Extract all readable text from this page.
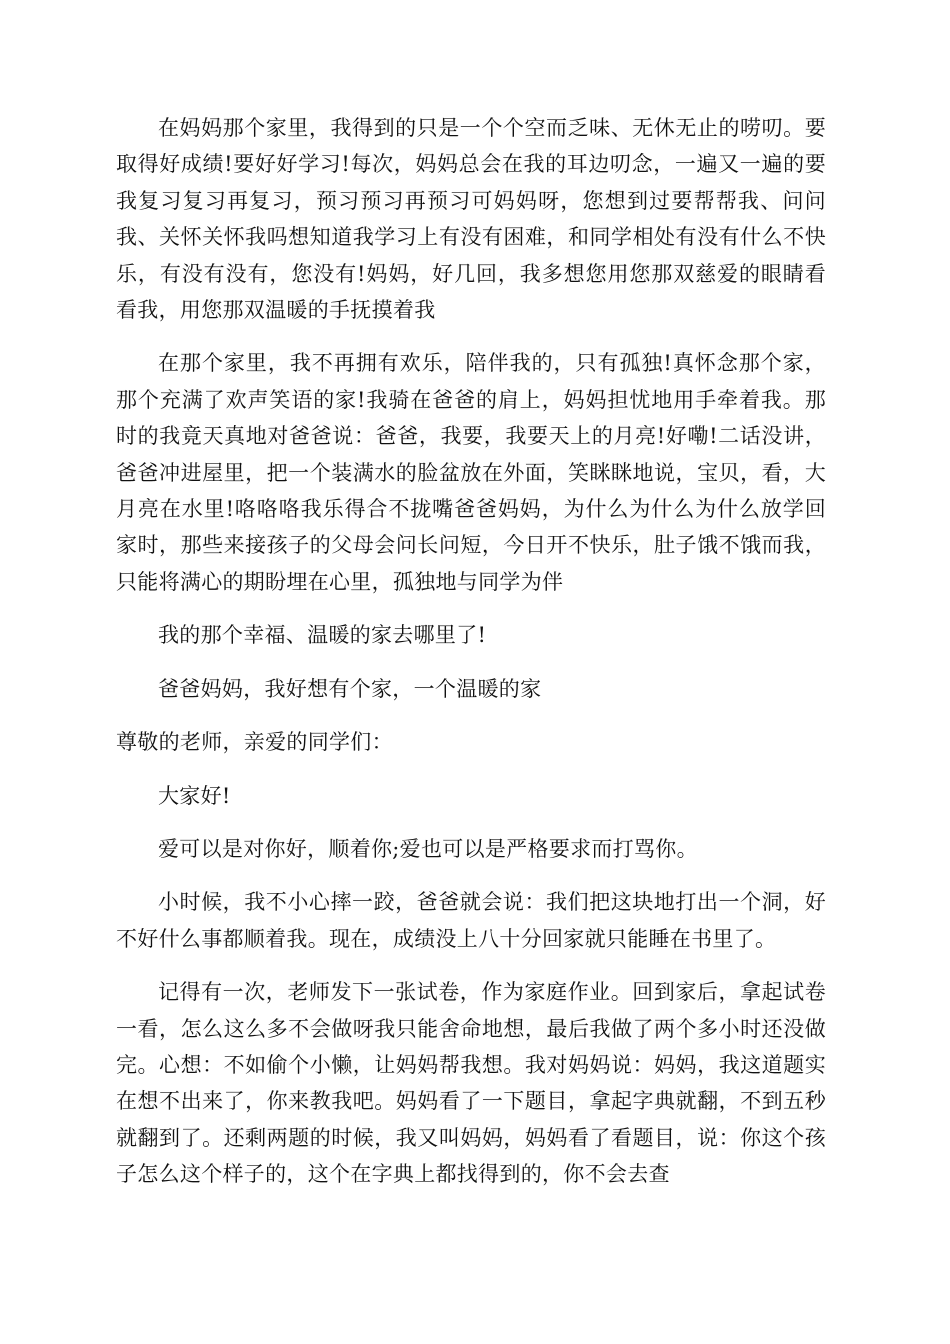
在妈妈那个家里，我得到的只是一个个空而乏味、无休无止的唠叨。要取得好成绩!要好好学习!每次，妈妈总会在我的耳边叨念，一遍又一遍的要我复习复习再复习，预习预习再预习可妈妈呀，您想到过要帮帮我、问问我、关怀关怀我吗想知道我学习上有没有困难，和同学相处有没有什么不快乐，有没有没有，您没有!妈妈，好几回，我多想您用您那双慈爱的眼睛看看我，用您那双温暖的手抚摸着我

在那个家里，我不再拥有欢乐，陪伴我的，只有孤独!真怀念那个家，那个充满了欢声笑语的家!我骑在爸爸的肩上，妈妈担忧地用手牵着我。那时的我竟天真地对爸爸说：爸爸，我要，我要天上的月亮!好嘞!二话没讲，爸爸冲进屋里，把一个装满水的脸盆放在外面，笑眯眯地说，宝贝，看，大月亮在水里!咯咯咯我乐得合不拢嘴爸爸妈妈，为什么为什么为什么放学回家时，那些来接孩子的父母会问长问短，今日开不快乐，肚子饿不饿而我，只能将满心的期盼埋在心里，孤独地与同学为伴

我的那个幸福、温暖的家去哪里了!

爸爸妈妈，我好想有个家，一个温暖的家

尊敬的老师，亲爱的同学们：

大家好!

爱可以是对你好，顺着你;爱也可以是严格要求而打骂你。

小时候，我不小心摔一跤，爸爸就会说：我们把这块地打出一个洞，好不好什么事都顺着我。现在，成绩没上八十分回家就只能睡在书里了。

记得有一次，老师发下一张试卷，作为家庭作业。回到家后，拿起试卷一看，怎么这么多不会做呀我只能舍命地想，最后我做了两个多小时还没做完。心想：不如偷个小懒，让妈妈帮我想。我对妈妈说：妈妈，我这道题实在想不出来了，你来教我吧。妈妈看了一下题目，拿起字典就翻，不到五秒就翻到了。还剩两题的时候，我又叫妈妈，妈妈看了看题目，说：你这个孩子怎么这个样子的，这个在字典上都找得到的，你不会去查
